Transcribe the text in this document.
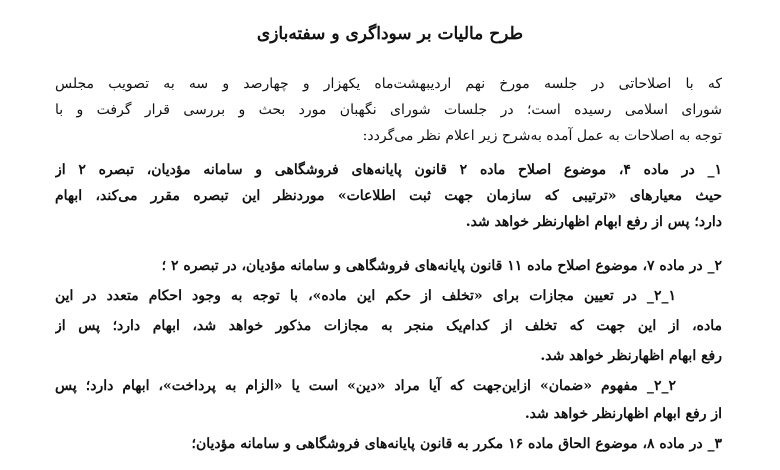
طرح مالیات بر سوداگری و سفته‌بازی
که با اصلاحاتی در جلسه مورخ نهم اردیبهشت‌ماه یکهزار و چهارصد و سه به تصویب مجلس
شورای اسلامی رسیده است؛ در جلسات شورای نگهبان مورد بحث و بررسی قرار گرفت و با
توجه به اصلاحات به عمل آمده به‌شرح زیر اعلام نظر می‌گردد:
۱_ در ماده ۴، موضوع اصلاح ماده ۲ قانون پایانه‌های فروشگاهی و سامانه مؤدیان، تبصره ۲ از
حیث معیارهای «ترتیبی که سازمان جهت ثبت اطلاعات» موردنظر این تبصره مقرر می‌کند، ابهام
دارد؛ پس از رفع ابهام اظهارنظر خواهد شد.
۲_ در ماده ۷، موضوع اصلاح ماده ۱۱ قانون پایانه‌های فروشگاهی و سامانه مؤدیان، در تبصره ۲ ؛
۱_۲_ در تعیین مجازات برای «تخلف از حکم این ماده»، با توجه به وجود احکام متعدد در این
ماده، از این جهت که تخلف از کدام‌یک منجر به مجازات مذکور خواهد شد، ابهام دارد؛ پس از
رفع ابهام اظهارنظر خواهد شد.
۲_۲_ مفهوم «ضمان» ازاین‌جهت که آیا مراد «دین» است یا «الزام به پرداخت»، ابهام دارد؛ پس
از رفع ابهام اظهارنظر خواهد شد.
۳_ در ماده ۸، موضوع الحاق ماده ۱۶ مکرر به قانون پایانه‌های فروشگاهی و سامانه مؤدیان؛
